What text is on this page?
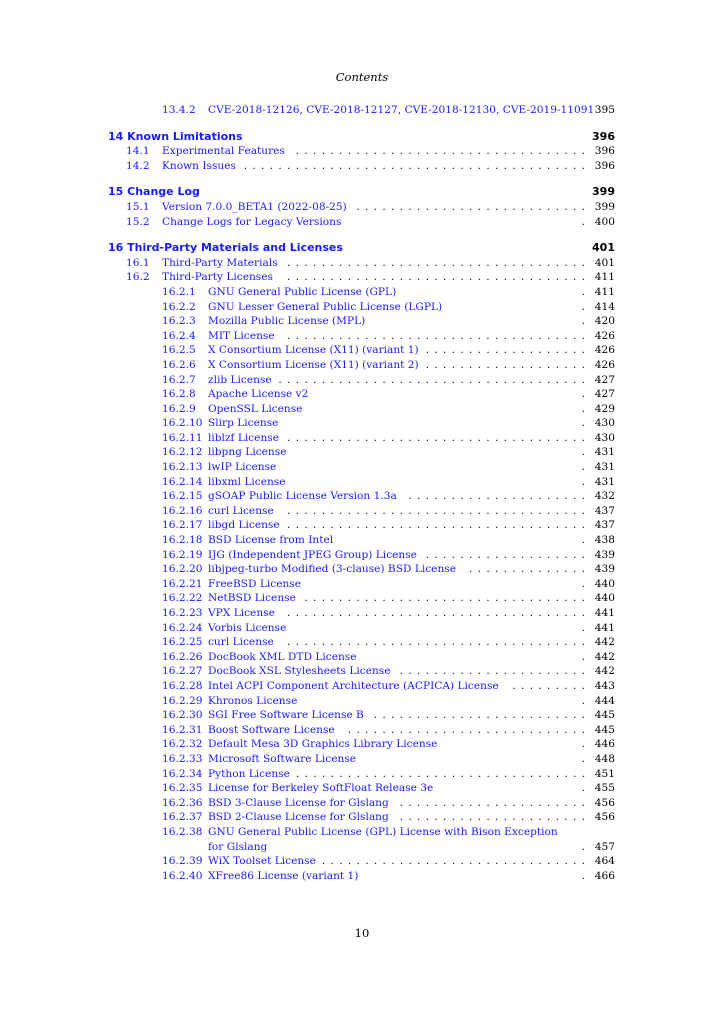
Contents
13.4.2 CVE-2018-12126, CVE-2018-12127, CVE-2018-12130, CVE-2019-11091 395
14 Known Limitations	396
14.1 Experimental Features	. . . . . . . . . . . . . . . . . . . . . . . . . . . . . . . . . . 396
14.2 Known Issues . . . . . . . . . . . . . . . . . . . . . . . . . . . . . . . . . . . . . . . . 396
15 Change Log	399
15.1 Version 7.0.0_BETA1 (2022-08-25) . . . . . . . . . . . . . . . . . . . . . . . . . . . 399
15.2 Change Logs for Legacy Versions	. 400
16 Third-Party Materials and Licenses	401
16.1 Third-Party Materials . . . . . . . . . . . . . . . . . . . . . . . . . . . . . . . . . . . 401
16.2 Third-Party Licenses	. . . . . . . . . . . . . . . . . . . . . . . . . . . . . . . . . . . 411
16.2.1 GNU General Public License (GPL)	. 411
16.2.2 GNU Lesser General Public License (LGPL)	. 414
16.2.3 Mozilla Public License (MPL)	. 420
16.2.4 MIT License	. . . . . . . . . . . . . . . . . . . . . . . . . . . . . . . . . . . 426
16.2.5 X Consortium License (X11) (variant 1) . . . . . . . . . . . . . . . . . . . 426
16.2.6 X Consortium License (X11) (variant 2) . . . . . . . . . . . . . . . . . . . 426
16.2.7 zlib License . . . . . . . . . . . . . . . . . . . . . . . . . . . . . . . . . . . . 427
16.2.8 Apache License v2	. 427
16.2.9 OpenSSL License	. 429
16.2.10 Slirp License	. 430
16.2.11 liblzf License . . . . . . . . . . . . . . . . . . . . . . . . . . . . . . . . . . . 430
16.2.12 libpng License	. 431
16.2.13 lwIP License	. 431
16.2.14 libxml License	. 431
16.2.15 gSOAP Public License Version 1.3a	. . . . . . . . . . . . . . . . . . . . . 432
16.2.16 curl License	. . . . . . . . . . . . . . . . . . . . . . . . . . . . . . . . . . . 437
16.2.17 libgd License . . . . . . . . . . . . . . . . . . . . . . . . . . . . . . . . . . . 437
16.2.18 BSD License from Intel	. 438
16.2.19 IJG (Independent JPEG Group) License . . . . . . . . . . . . . . . . . . . 439
16.2.20 libjpeg-turbo Modified (3-clause) BSD License	. . . . . . . . . . . . . . 439
16.2.21 FreeBSD License	. 440
16.2.22 NetBSD License . . . . . . . . . . . . . . . . . . . . . . . . . . . . . . . . . 440
16.2.23 VPX License	. . . . . . . . . . . . . . . . . . . . . . . . . . . . . . . . . . . 441
16.2.24 Vorbis License	. 441
16.2.25 curl License	. . . . . . . . . . . . . . . . . . . . . . . . . . . . . . . . . . . 442
16.2.26 DocBook XML DTD License	. 442
16.2.27 DocBook XSL Stylesheets License . . . . . . . . . . . . . . . . . . . . . . 442
16.2.28 Intel ACPI Component Architecture (ACPICA) License	. . . . . . . . . 443
16.2.29 Khronos License	. 444
16.2.30 SGI Free Software License B . . . . . . . . . . . . . . . . . . . . . . . . . 445
16.2.31 Boost Software License	. . . . . . . . . . . . . . . . . . . . . . . . . . . . 445
16.2.32 Default Mesa 3D Graphics Library License	. 446
16.2.33 Microsoft Software License	. 448
16.2.34 Python License . . . . . . . . . . . . . . . . . . . . . . . . . . . . . . . . . . 451
16.2.35 License for Berkeley SoftFloat Release 3e	. 455
16.2.36 BSD 3-Clause License for Glslang	. . . . . . . . . . . . . . . . . . . . . . 456
16.2.37 BSD 2-Clause License for Glslang	. . . . . . . . . . . . . . . . . . . . . . 456
16.2.38 GNU General Public License (GPL) License with Bison Exception
for Glslang	. 457
16.2.39 WiX Toolset License . . . . . . . . . . . . . . . . . . . . . . . . . . . . . . . 464
16.2.40 XFree86 License (variant 1)	. 466
10
